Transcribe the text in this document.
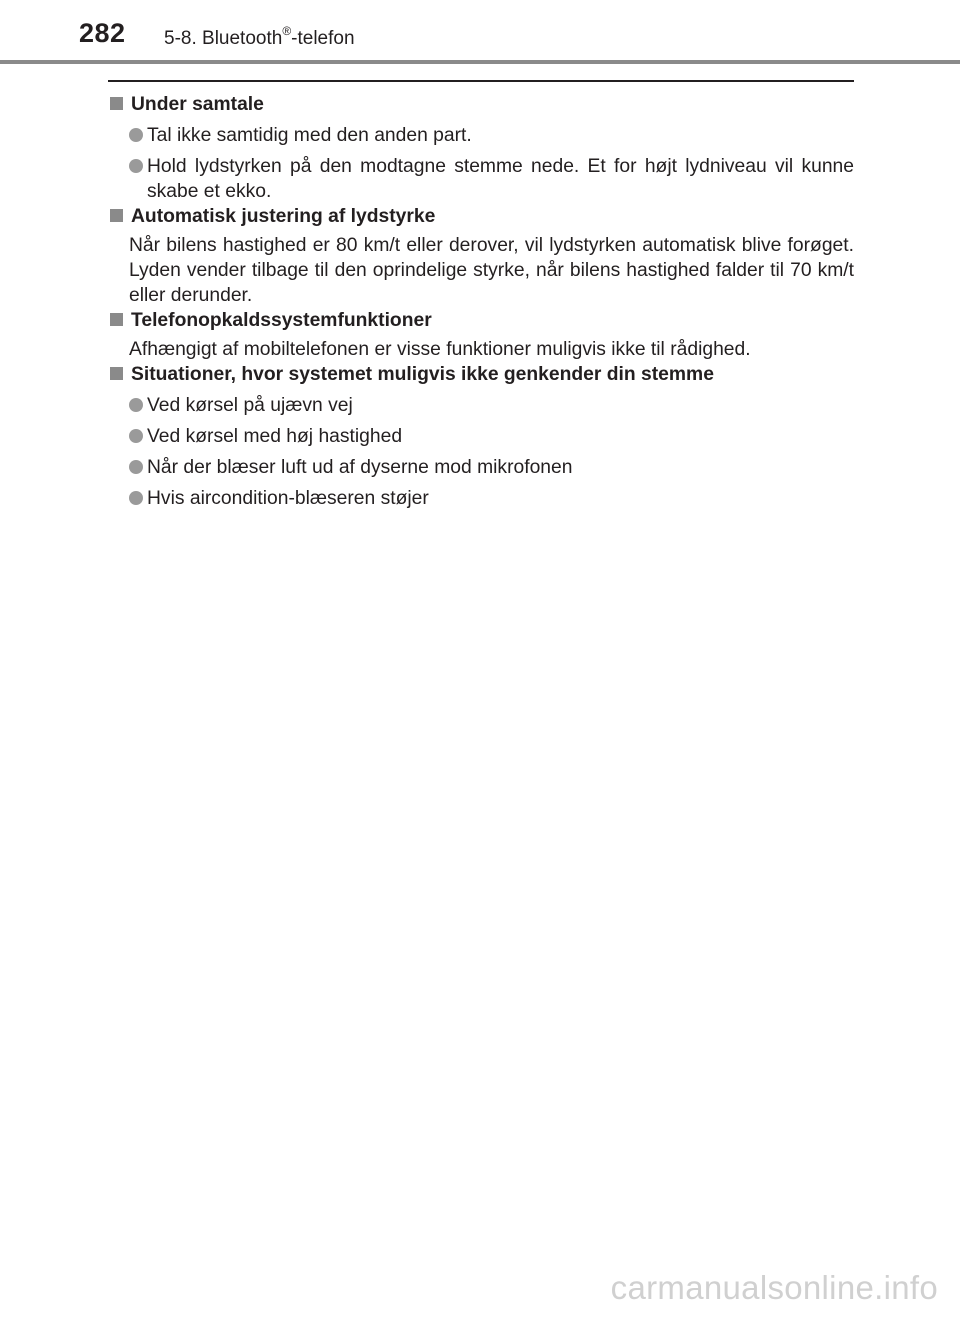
282 5-8. Bluetooth®-telefon
Under samtale
Tal ikke samtidig med den anden part.
Hold lydstyrken på den modtagne stemme nede. Et for højt lydniveau vil kunne skabe et ekko.
Automatisk justering af lydstyrke

Når bilens hastighed er 80 km/t eller derover, vil lydstyrken automatisk blive forøget. Lyden vender tilbage til den oprindelige styrke, når bilens hastighed falder til 70 km/t eller derunder.

Telefonopkaldssystemfunktioner

Afhængigt af mobiltelefonen er visse funktioner muligvis ikke til rådighed.

Situationer, hvor systemet muligvis ikke genkender din stemme
Ved kørsel på ujævn vej
Ved kørsel med høj hastighed
Når der blæser luft ud af dyserne mod mikrofonen
Hvis aircondition-blæseren støjer
carmanualsonline.info
